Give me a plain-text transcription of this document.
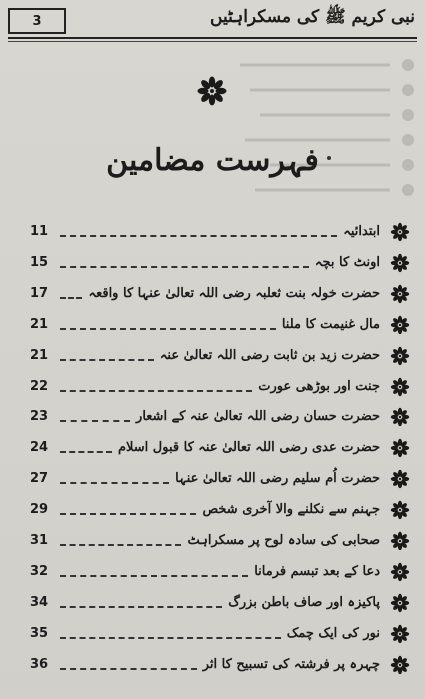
3	نبی کریم ﷺ کی مسکراہٹیں
فہرست مضامین
11	ابتدائیہ
15	اونٹ کا بچہ
17	حضرت خولہ بنت ثعلبہ رضی اللہ تعالیٰ عنہا کا واقعہ
21	مال غنیمت کا ملنا
21	حضرت زید بن ثابت رضی اللہ تعالیٰ عنہ
22	جنت اور بوڑھی عورت
23	حضرت حسان رضی اللہ تعالیٰ عنہ کے اشعار
24	حضرت عدی رضی اللہ تعالیٰ عنہ کا قبول اسلام
27	حضرت اُم سلیم رضی اللہ تعالیٰ عنہا
29	جہنم سے نکلنے والا آخری شخص
31	صحابی کی سادہ لوح پر مسکراہٹ
32	دعا کے بعد تبسم فرمانا
34	پاکیزہ اور صاف باطن بزرگ
35	نور کی ایک چمک
36	چہرہ پر فرشتہ کی تسبیح کا اثر
